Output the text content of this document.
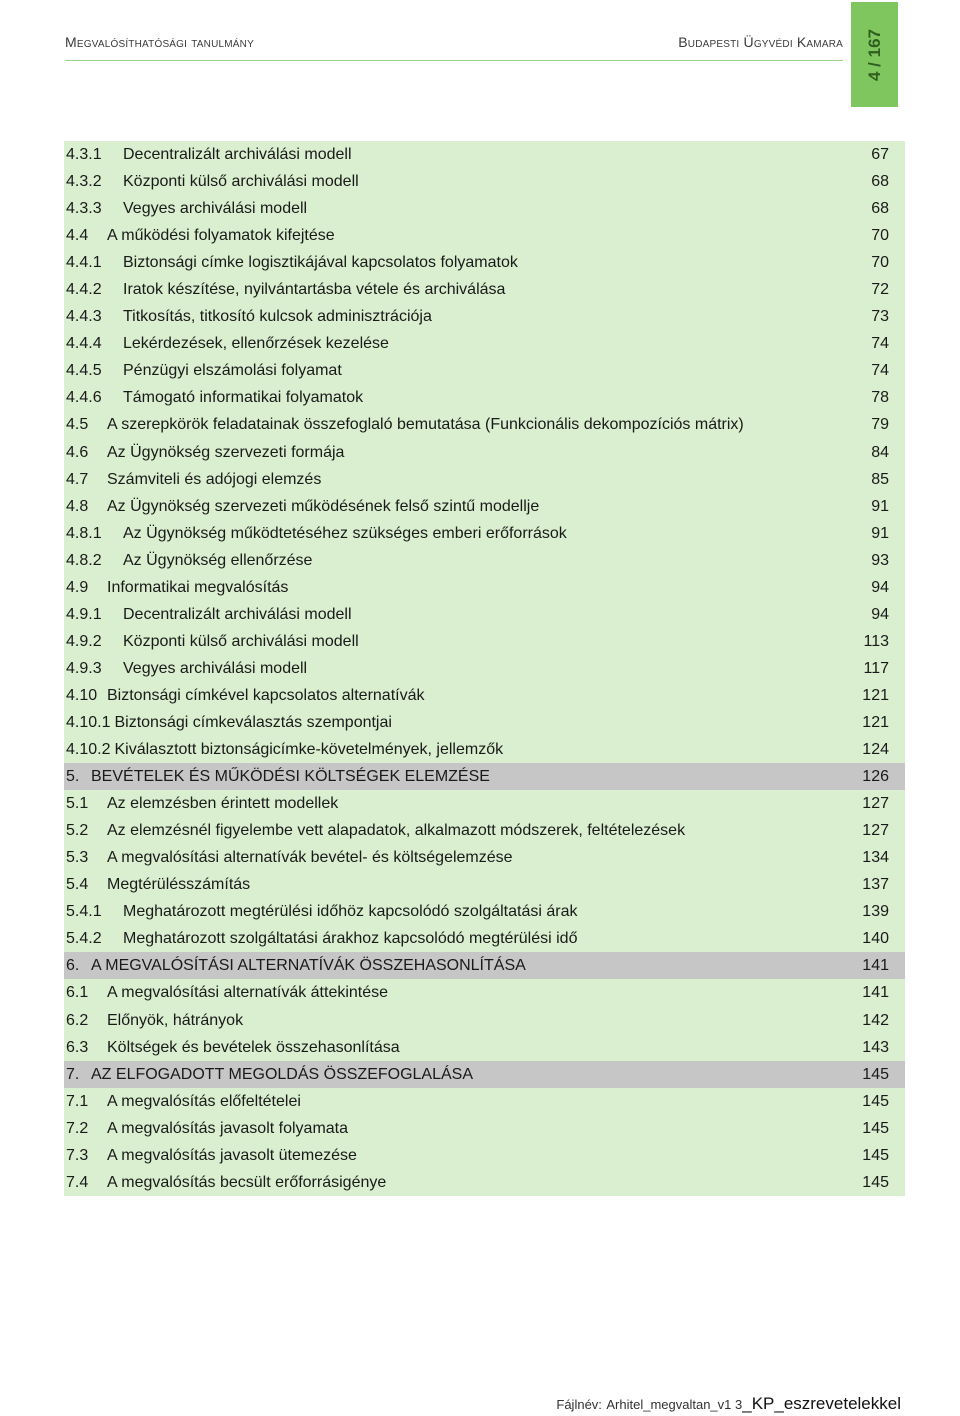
Megvalósíthatósági tanulmány	Budapesti Ügyvédi Kamara 4 / 167
4.3.1 Decentralizált archiválási modell	67
4.3.2 Központi külső archiválási modell	68
4.3.3 Vegyes archiválási modell	68
4.4 A működési folyamatok kifejtése	70
4.4.1 Biztonsági címke logisztikájával kapcsolatos folyamatok	70
4.4.2 Iratok készítése, nyilvántartásba vétele és archiválása	72
4.4.3 Titkosítás, titkosító kulcsok adminisztrációja	73
4.4.4 Lekérdezések, ellenőrzések kezelése	74
4.4.5 Pénzügyi elszámolási folyamat	74
4.4.6 Támogató informatikai folyamatok	78
4.5 A szerepkörök feladatainak összefoglaló bemutatása (Funkcionális dekompozíciós mátrix)	79
4.6 Az Ügynökség szervezeti formája	84
4.7 Számviteli és adójogi elemzés	85
4.8 Az Ügynökség szervezeti működésének felső szintű modellje	91
4.8.1 Az Ügynökség működtetéséhez szükséges emberi erőforrások	91
4.8.2 Az Ügynökség ellenőrzése	93
4.9 Informatikai megvalósítás	94
4.9.1 Decentralizált archiválási modell	94
4.9.2 Központi külső archiválási modell	113
4.9.3 Vegyes archiválási modell	117
4.10 Biztonsági címkével kapcsolatos alternatívák	121
4.10.1 Biztonsági címkeválasztás szempontjai	121
4.10.2 Kiválasztott biztonságicímke-követelmények, jellemzők	124
5. BEVÉTELEK ÉS MŰKÖDÉSI KÖLTSÉGEK ELEMZÉSE	126
5.1 Az elemzésben érintett modellek	127
5.2 Az elemzésnél figyelembe vett alapadatok, alkalmazott módszerek, feltételezések	127
5.3 A megvalósítási alternatívák bevétel- és költségelemzése	134
5.4 Megtérülésszámítás	137
5.4.1 Meghatározott megtérülési időhöz kapcsolódó szolgáltatási árak	139
5.4.2 Meghatározott szolgáltatási árakhoz kapcsolódó megtérülési idő	140
6. A MEGVALÓSÍTÁSI ALTERNATÍVÁK ÖSSZEHASONLÍTÁSA	141
6.1 A megvalósítási alternatívák áttekintése	141
6.2 Előnyök, hátrányok	142
6.3 Költségek és bevételek összehasonlítása	143
7. AZ ELFOGADOTT MEGOLDÁS ÖSSZEFOGLALÁSA	145
7.1 A megvalósítás előfeltételei	145
7.2 A megvalósítás javasolt folyamata	145
7.3 A megvalósítás javasolt ütemezése	145
7.4 A megvalósítás becsült erőforrásigénye	145
Fájlnév: Arhitel_megvaltan_v1 3_KP_eszrevetelekkel
